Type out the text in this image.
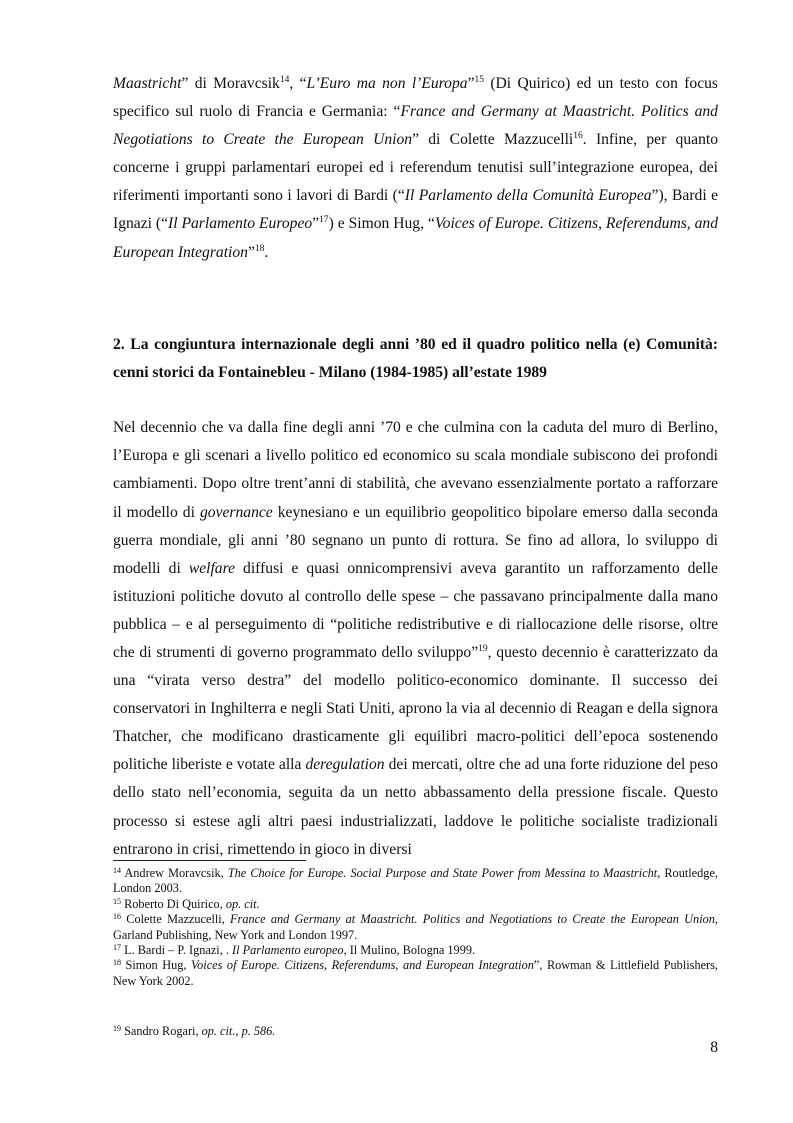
Maastricht” di Moravcsik$^{14}$, “L’Euro ma non l’Europa”$^{15}$ (Di Quirico) ed un testo con focus specifico sul ruolo di Francia e Germania: “France and Germany at Maastricht. Politics and Negotiations to Create the European Union” di Colette Mazzucelli$^{16}$. Infine, per quanto concerne i gruppi parlamentari europei ed i referendum tenutisi sull’integrazione europea, dei riferimenti importanti sono i lavori di Bardi (“Il Parlamento della Comunità Europea”), Bardi e Ignazi (“Il Parlamento Europeo”$^{17}$) e Simon Hug, “Voices of Europe. Citizens, Referendums, and European Integration”$^{18}$.

2. La congiuntura internazionale degli anni ’80 ed il quadro politico nella (e) Comunità: cenni storici da Fontainebleu - Milano (1984-1985) all’estate 1989

Nel decennio che va dalla fine degli anni ’70 e che culmina con la caduta del muro di Berlino, l’Europa e gli scenari a livello politico ed economico su scala mondiale subiscono dei profondi cambiamenti. Dopo oltre trent’anni di stabilità, che avevano essenzialmente portato a rafforzare il modello di governance keynesiano e un equilibrio geopolitico bipolare emerso dalla seconda guerra mondiale, gli anni ’80 segnano un punto di rottura. Se fino ad allora, lo sviluppo di modelli di welfare diffusi e quasi onnicomprensivi aveva garantito un rafforzamento delle istituzioni politiche dovuto al controllo delle spese – che passavano principalmente dalla mano pubblica – e al perseguimento di “politiche redistributive e di riallocazione delle risorse, oltre che di strumenti di governo programmato dello sviluppo”$^{19}$, questo decennio è caratterizzato da una “virata verso destra” del modello politico-economico dominante. Il successo dei conservatori in Inghilterra e negli Stati Uniti, aprono la via al decennio di Reagan e della signora Thatcher, che modificano drasticamente gli equilibri macro-politici dell’epoca sostenendo politiche liberiste e votate alla deregulation dei mercati, oltre che ad una forte riduzione del peso dello stato nell’economia, seguita da un netto abbassamento della pressione fiscale. Questo processo si estese agli altri paesi industrializzati, laddove le politiche socialiste tradizionali entrarono in crisi, rimettendo in gioco in diversi

$^{14}$ Andrew Moravcsik, The Choice for Europe. Social Purpose and State Power from Messina to Maastricht, Routledge, London 2003.

$^{15}$ Roberto Di Quirico, op. cit.

$^{16}$ Colette Mazzucelli, France and Germany at Maastricht. Politics and Negotiations to Create the European Union, Garland Publishing, New York and London 1997.

$^{17}$ L. Bardi – P. Ignazi, . Il Parlamento europeo, Il Mulino, Bologna 1999.

$^{18}$ Simon Hug, Voices of Europe. Citizens, Referendums, and European Integration”, Rowman & Littlefield Publishers, New York 2002.

$^{19}$ Sandro Rogari, op. cit., p. 586.

8
